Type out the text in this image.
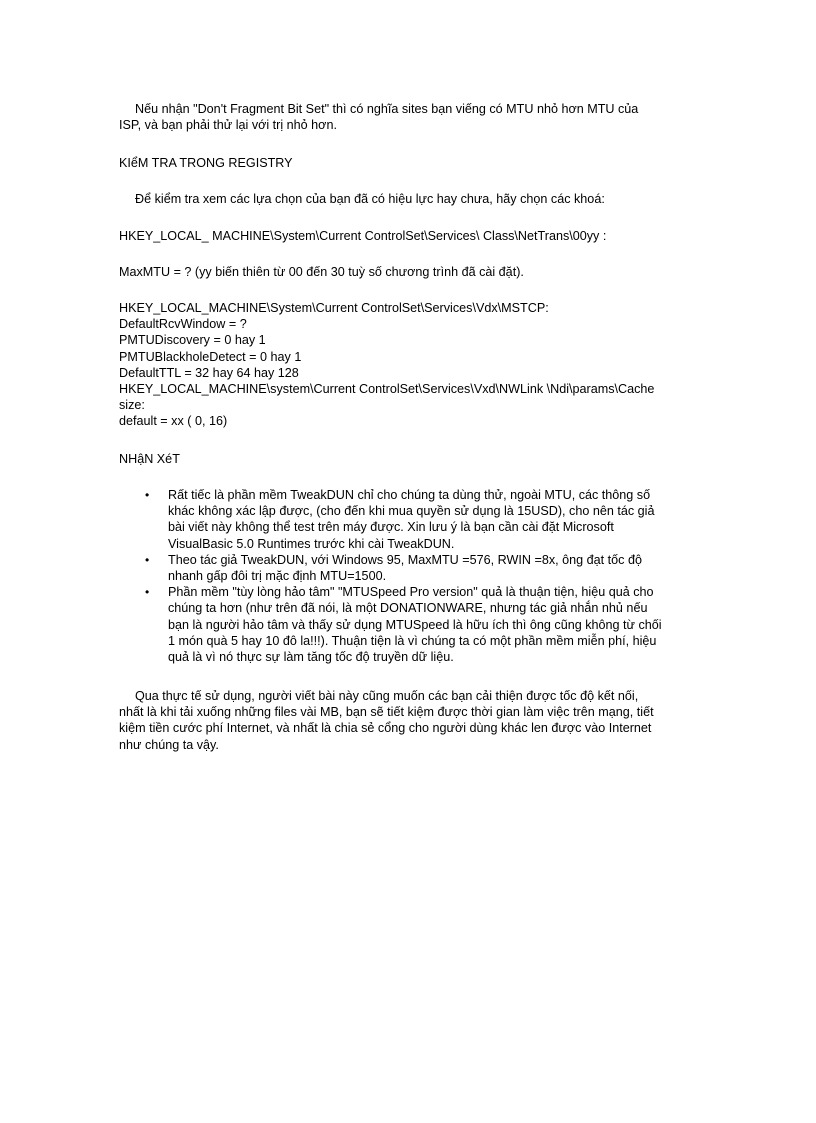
Nếu nhận "Don't Fragment Bit Set" thì có nghĩa sites bạn viếng có MTU nhỏ hơn MTU của
ISP, và bạn phải thử lại với trị nhỏ hơn.

KIểM TRA TRONG REGISTRY

Để kiểm tra xem các lựa chọn của bạn đã có hiệu lực hay chưa, hãy chọn các khoá:

HKEY_LOCAL_ MACHINE\System\Current ControlSet\Services\ Class\NetTrans\00yy :

MaxMTU = ? (yy biến thiên từ 00 đến 30 tuỳ số chương trình đã cài đặt).

HKEY_LOCAL_MACHINE\System\Current ControlSet\Services\Vdx\MSTCP:
DefaultRcvWindow = ?
PMTUDiscovery = 0 hay 1
PMTUBlackholeDetect = 0 hay 1
DefaultTTL = 32 hay 64 hay 128
HKEY_LOCAL_MACHINE\system\Current ControlSet\Services\Vxd\NWLink \Ndi\params\Cache
size:
default = xx ( 0, 16)

NHậN XéT

• Rất tiếc là phần mềm TweakDUN chỉ cho chúng ta dùng thử, ngoài MTU, các thông số
khác không xác lập được, (cho đến khi mua quyền sử dụng là 15USD), cho nên tác giả
bài viết này không thể test trên máy được. Xin lưu ý là bạn cần cài đặt Microsoft
VisualBasic 5.0 Runtimes trước khi cài TweakDUN.
• Theo tác giả TweakDUN, với Windows 95, MaxMTU =576, RWIN =8x, ông đạt tốc độ
nhanh gấp đôi trị mặc định MTU=1500.
• Phần mềm "tùy lòng hảo tâm" "MTUSpeed Pro version" quả là thuận tiện, hiệu quả cho
chúng ta hơn (như trên đã nói, là một DONATIONWARE, nhưng tác giả nhắn nhủ nếu
bạn là người hảo tâm và thấy sử dụng MTUSpeed là hữu ích thì ông cũng không từ chối
1 món quà 5 hay 10 đô la!!!). Thuận tiện là vì chúng ta có một phần mềm miễn phí, hiệu
quả là vì nó thực sự làm tăng tốc độ truyền dữ liệu.

Qua thực tế sử dụng, người viết bài này cũng muốn các bạn cải thiện được tốc độ kết nối,
nhất là khi tải xuống những files vài MB, bạn sẽ tiết kiệm được thời gian làm việc trên mạng, tiết
kiệm tiền cước phí Internet, và nhất là chia sẻ cổng cho người dùng khác len được vào Internet
như chúng ta vậy.
